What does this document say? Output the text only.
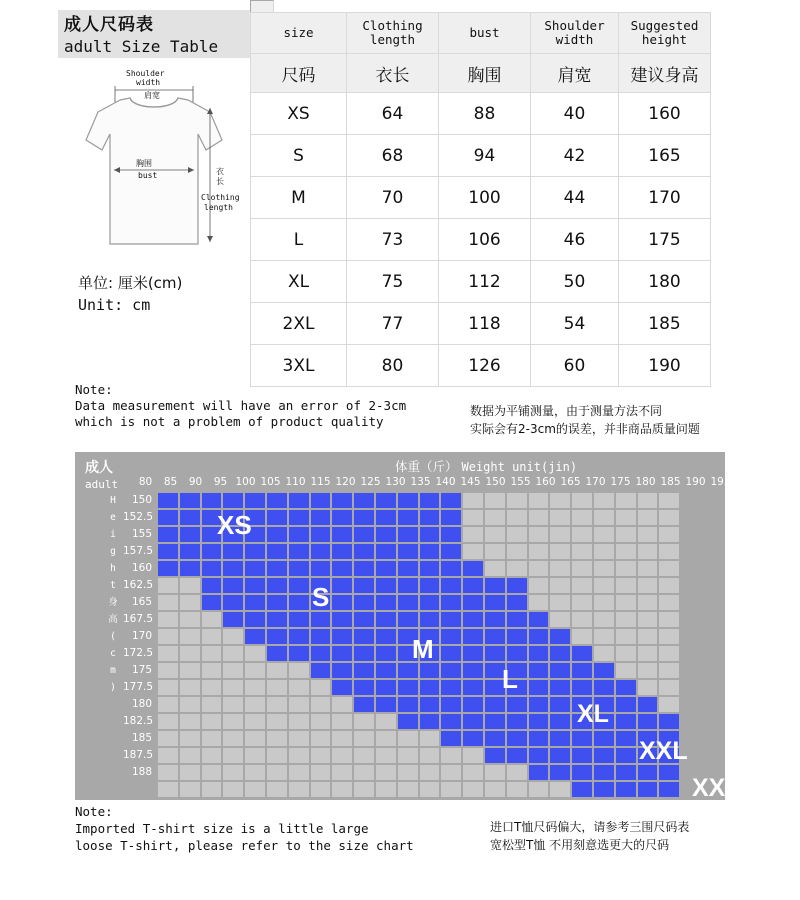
成人尺码表
adult Size Table
Shoulder
width
肩宽
胸围
bust	衣
长
Clothing
length
单位: 厘米(cm)
Unit: cm
size	Clothing length	bust	Shoulder width	Suggested height
尺码	衣长	胸围	肩宽	建议身高
XS	64	88	40	160
S	68	94	42	165
M	70	100	44	170
L	73	106	46	175
XL	75	112	50	180
2XL	77	118	54	185
3XL	80	126	60	190
Note:
Data measurement will have an error of 2-3cm
which is not a problem of product quality
数据为平铺测量，由于测量方法不同
实际会有2-3cm的误差，并非商品质量问题
成人	体重（斤） Weight unit(jin)
adult	80	85	90	95 100 105 110 115 120 125 130 135 140 145 150 155 160 165 170 175 180 185 190 195
H
e
i
g
h
t
身
高
(
c
m
)
150
152.5
155
157.5
160
162.5
165
167.5
170
172.5
175
177.5
180
182.5
185
187.5
188
XS
S
M
L
XL
XXL
XXXL
Note:
Imported T-shirt size is a little large
loose T-shirt, please refer to the size chart
进口T恤尺码偏大，请参考三围尺码表
宽松型T恤 不用刻意选更大的尺码
